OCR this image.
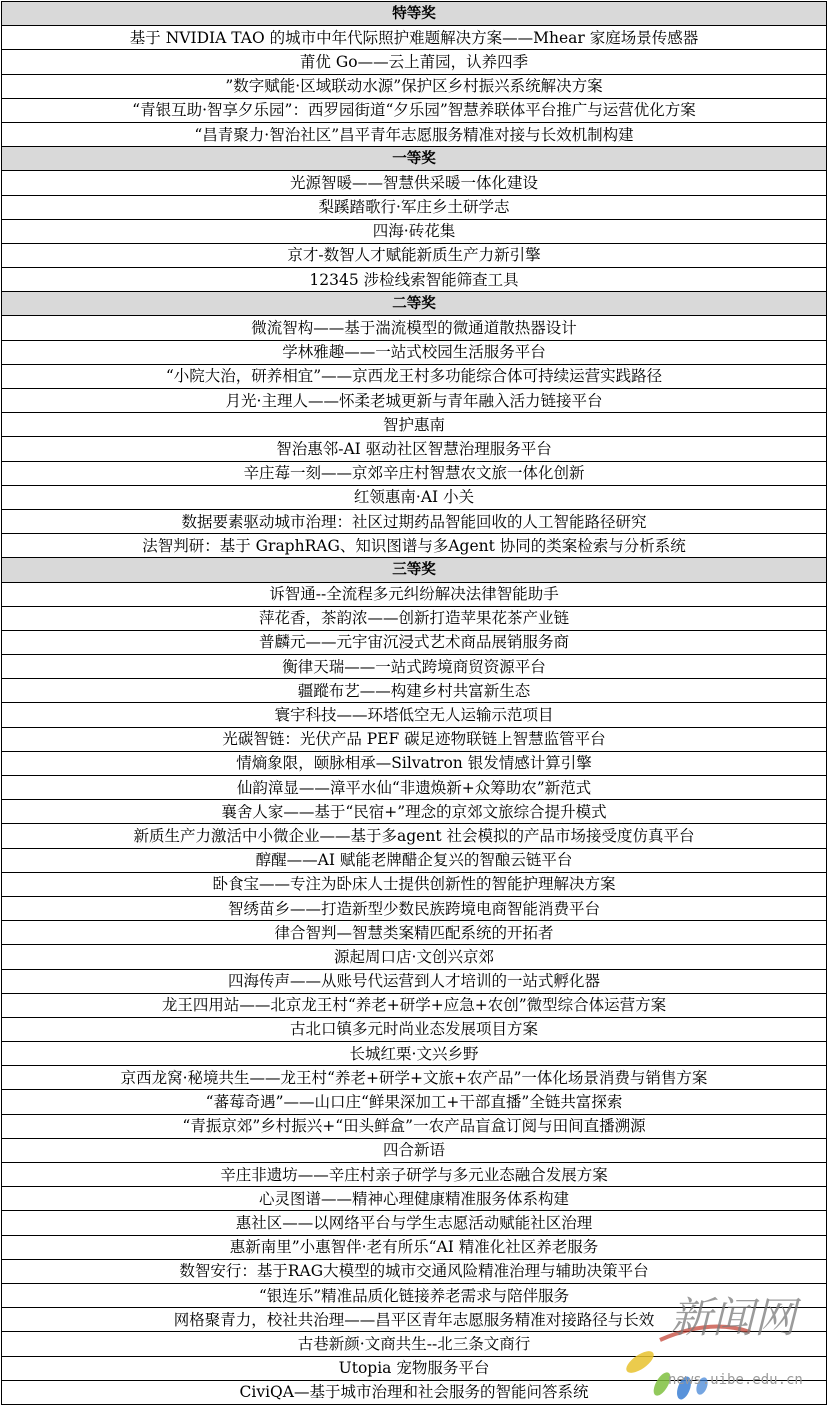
特等奖
基于 NVIDIA TAO 的城市中年代际照护难题解决方案——Mhear 家庭场景传感器
莆优 Go——云上莆园，认养四季
”数字赋能·区域联动水源”保护区乡村振兴系统解决方案
“青银互助·智享夕乐园”：西罗园街道“夕乐园”智慧养联体平台推广与运营优化方案
“昌青聚力·智治社区”昌平青年志愿服务精准对接与长效机制构建
一等奖
光源智暖——智慧供采暖一体化建设
梨蹊踏歌行·军庄乡土研学志
四海·砖花集
京才-数智人才赋能新质生产力新引擎
12345 涉检线索智能筛查工具
二等奖
微流智构——基于湍流模型的微通道散热器设计
学林雅趣——一站式校园生活服务平台
“小院大治，研养相宜”——京西龙王村多功能综合体可持续运营实践路径
月光·主理人——怀柔老城更新与青年融入活力链接平台
智护惠南
智治惠邻-AI 驱动社区智慧治理服务平台
辛庄莓一刻——京郊辛庄村智慧农文旅一体化创新
红领惠南·AI 小关
数据要素驱动城市治理：社区过期药品智能回收的人工智能路径研究
法智判研：基于 GraphRAG、知识图谱与多Agent 协同的类案检索与分析系统
三等奖
诉智通--全流程多元纠纷解决法律智能助手
萍花香，茶韵浓——创新打造苹果花茶产业链
普麟元——元宇宙沉浸式艺术商品展销服务商
衡律天瑞——一站式跨境商贸资源平台
疆蹤布艺——构建乡村共富新生态
寰宇科技——环塔低空无人运输示范项目
光碳智链：光伏产品 PEF 碳足迹物联链上智慧监管平台
情熵象限，颐脉相承—Silvatron 银发情感计算引擎
仙韵漳显——漳平水仙“非遗焕新+众筹助农”新范式
襄舍人家——基于“民宿+”理念的京郊文旅综合提升模式
新质生产力激活中小微企业——基于多agent 社会模拟的产品市场接受度仿真平台
醇醒——AI 赋能老牌醋企复兴的智酿云链平台
卧食宝——专注为卧床人士提供创新性的智能护理解决方案
智绣苗乡——打造新型少数民族跨境电商智能消费平台
律合智判—智慧类案精匹配系统的开拓者
源起周口店·文创兴京郊
四海传声——从账号代运营到人才培训的一站式孵化器
龙王四用站——北京龙王村“养老+研学+应急+农创”微型综合体运营方案
古北口镇多元时尚业态发展项目方案
长城红栗·文兴乡野
京西龙窝·秘境共生——龙王村“养老+研学+文旅+农产品”一体化场景消费与销售方案
“蕃莓奇遇”——山口庄“鲜果深加工+干部直播”全链共富探索
“青振京郊”乡村振兴+“田头鲜盒”一农产品盲盒订阅与田间直播溯源
四合新语
辛庄非遗坊——辛庄村亲子研学与多元业态融合发展方案
心灵图谱——精神心理健康精准服务体系构建
惠社区——以网络平台与学生志愿活动赋能社区治理
惠新南里”小惠智伴·老有所乐“AI 精准化社区养老服务
数智安行：基于RAG大模型的城市交通风险精准治理与辅助决策平台
“银连乐”精准品质化链接养老需求与陪伴服务
网格聚青力，校社共治理——昌平区青年志愿服务精准对接路径与长效
古巷新颜·文商共生--北三条文商行
Utopia 宠物服务平台
CiviQA—基于城市治理和社会服务的智能问答系统
新闻网
news.uibe.edu.cn
